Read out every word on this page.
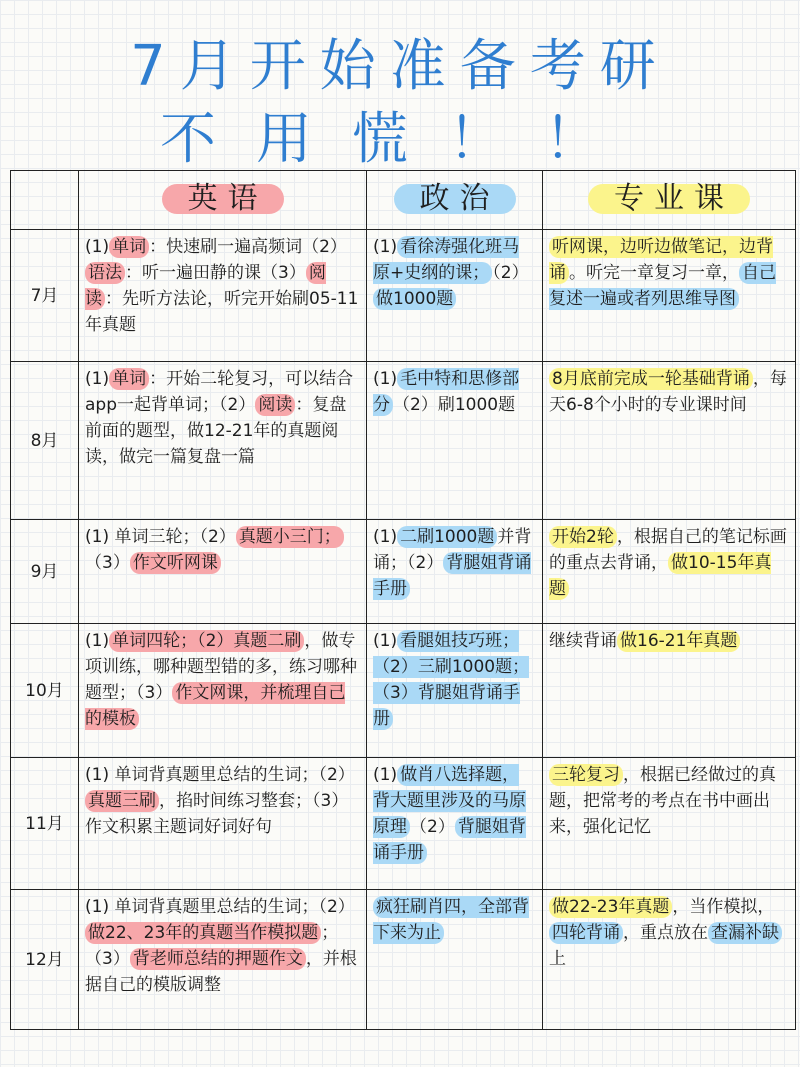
7月开始准备考研
不用慌！！
	英语	政治	专业课
7月	(1) 单词 ：快速刷一遍高频词（2）语法 ：听一遍田静的课（3） 阅读 ：先听方法论，听完开始刷05-11年真题	(1) 看徐涛强化班马原+史纲的课； （2）做1000题	听网课，边听边做笔记，边背诵 。听完一章复习一章， 自己复述一遍或者列思维导图
8月	(1) 单词 ：开始二轮复习，可以结合app一起背单词；（2） 阅读 ：复盘前面的题型，做12-21年的真题阅读，做完一篇复盘一篇	(1) 毛中特和思修部分 （2）刷1000题	8月底前完成一轮基础背诵 ，每天6-8个小时的专业课时间
9月	(1) 单词三轮；（2） 真题小三门；（3） 作文听网课	(1) 二刷1000题 并背诵；（2） 背腿姐背诵手册	开始2轮 ，根据自己的笔记标画的重点去背诵， 做10-15年真题
10月	(1) 单词四轮；（2）真题二刷 ，做专项训练，哪种题型错的多，练习哪种题型；（3） 作文网课，并梳理自己的模板	(1) 看腿姐技巧班；（2）三刷1000题；（3）背腿姐背诵手册	继续背诵 做16-21年真题
11月	(1) 单词背真题里总结的生词；（2）真题三刷 ，掐时间练习整套；（3）作文积累主题词好词好句	(1) 做肖八选择题，背大题里涉及的马原原理 （2） 背腿姐背诵手册	三轮复习 ，根据已经做过的真题，把常考的考点在书中画出来，强化记忆
12月	(1) 单词背真题里总结的生词；（2）做22、23年的真题当作模拟题 ；（3） 背老师总结的押题作文 ，并根据自己的模版调整	疯狂刷肖四，全部背下来为止	做22-23年真题 ，当作模拟，四轮背诵 ，重点放在 查漏补缺上
